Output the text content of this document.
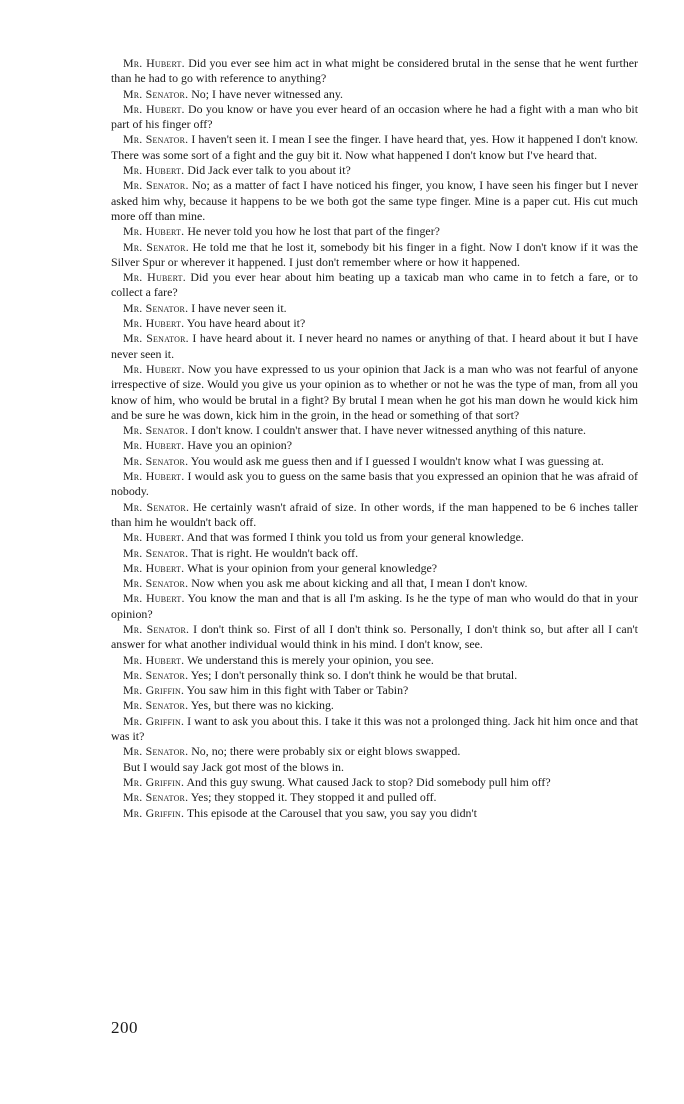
Mr. Hubert. Did you ever see him act in what might be considered brutal in the sense that he went further than he had to go with reference to anything?

Mr. Senator. No; I have never witnessed any.

Mr. Hubert. Do you know or have you ever heard of an occasion where he had a fight with a man who bit part of his finger off?

Mr. Senator. I haven't seen it. I mean I see the finger. I have heard that, yes. How it happened I don't know. There was some sort of a fight and the guy bit it. Now what happened I don't know but I've heard that.

Mr. Hubert. Did Jack ever talk to you about it?

Mr. Senator. No; as a matter of fact I have noticed his finger, you know, I have seen his finger but I never asked him why, because it happens to be we both got the same type finger. Mine is a paper cut. His cut much more off than mine.

Mr. Hubert. He never told you how he lost that part of the finger?

Mr. Senator. He told me that he lost it, somebody bit his finger in a fight. Now I don't know if it was the Silver Spur or wherever it happened. I just don't remember where or how it happened.

Mr. Hubert. Did you ever hear about him beating up a taxicab man who came in to fetch a fare, or to collect a fare?

Mr. Senator. I have never seen it.

Mr. Hubert. You have heard about it?

Mr. Senator. I have heard about it. I never heard no names or anything of that. I heard about it but I have never seen it.

Mr. Hubert. Now you have expressed to us your opinion that Jack is a man who was not fearful of anyone irrespective of size. Would you give us your opinion as to whether or not he was the type of man, from all you know of him, who would be brutal in a fight? By brutal I mean when he got his man down he would kick him and be sure he was down, kick him in the groin, in the head or something of that sort?

Mr. Senator. I don't know. I couldn't answer that. I have never witnessed anything of this nature.

Mr. Hubert. Have you an opinion?

Mr. Senator. You would ask me guess then and if I guessed I wouldn't know what I was guessing at.

Mr. Hubert. I would ask you to guess on the same basis that you expressed an opinion that he was afraid of nobody.

Mr. Senator. He certainly wasn't afraid of size. In other words, if the man happened to be 6 inches taller than him he wouldn't back off.

Mr. Hubert. And that was formed I think you told us from your general knowledge.

Mr. Senator. That is right. He wouldn't back off.

Mr. Hubert. What is your opinion from your general knowledge?

Mr. Senator. Now when you ask me about kicking and all that, I mean I don't know.

Mr. Hubert. You know the man and that is all I'm asking. Is he the type of man who would do that in your opinion?

Mr. Senator. I don't think so. First of all I don't think so. Personally, I don't think so, but after all I can't answer for what another individual would think in his mind. I don't know, see.

Mr. Hubert. We understand this is merely your opinion, you see.

Mr. Senator. Yes; I don't personally think so. I don't think he would be that brutal.

Mr. Griffin. You saw him in this fight with Taber or Tabin?

Mr. Senator. Yes, but there was no kicking.

Mr. Griffin. I want to ask you about this. I take it this was not a prolonged thing. Jack hit him once and that was it?

Mr. Senator. No, no; there were probably six or eight blows swapped.

But I would say Jack got most of the blows in.

Mr. Griffin. And this guy swung. What caused Jack to stop? Did somebody pull him off?

Mr. Senator. Yes; they stopped it. They stopped it and pulled off.

Mr. Griffin. This episode at the Carousel that you saw, you say you didn't

200
